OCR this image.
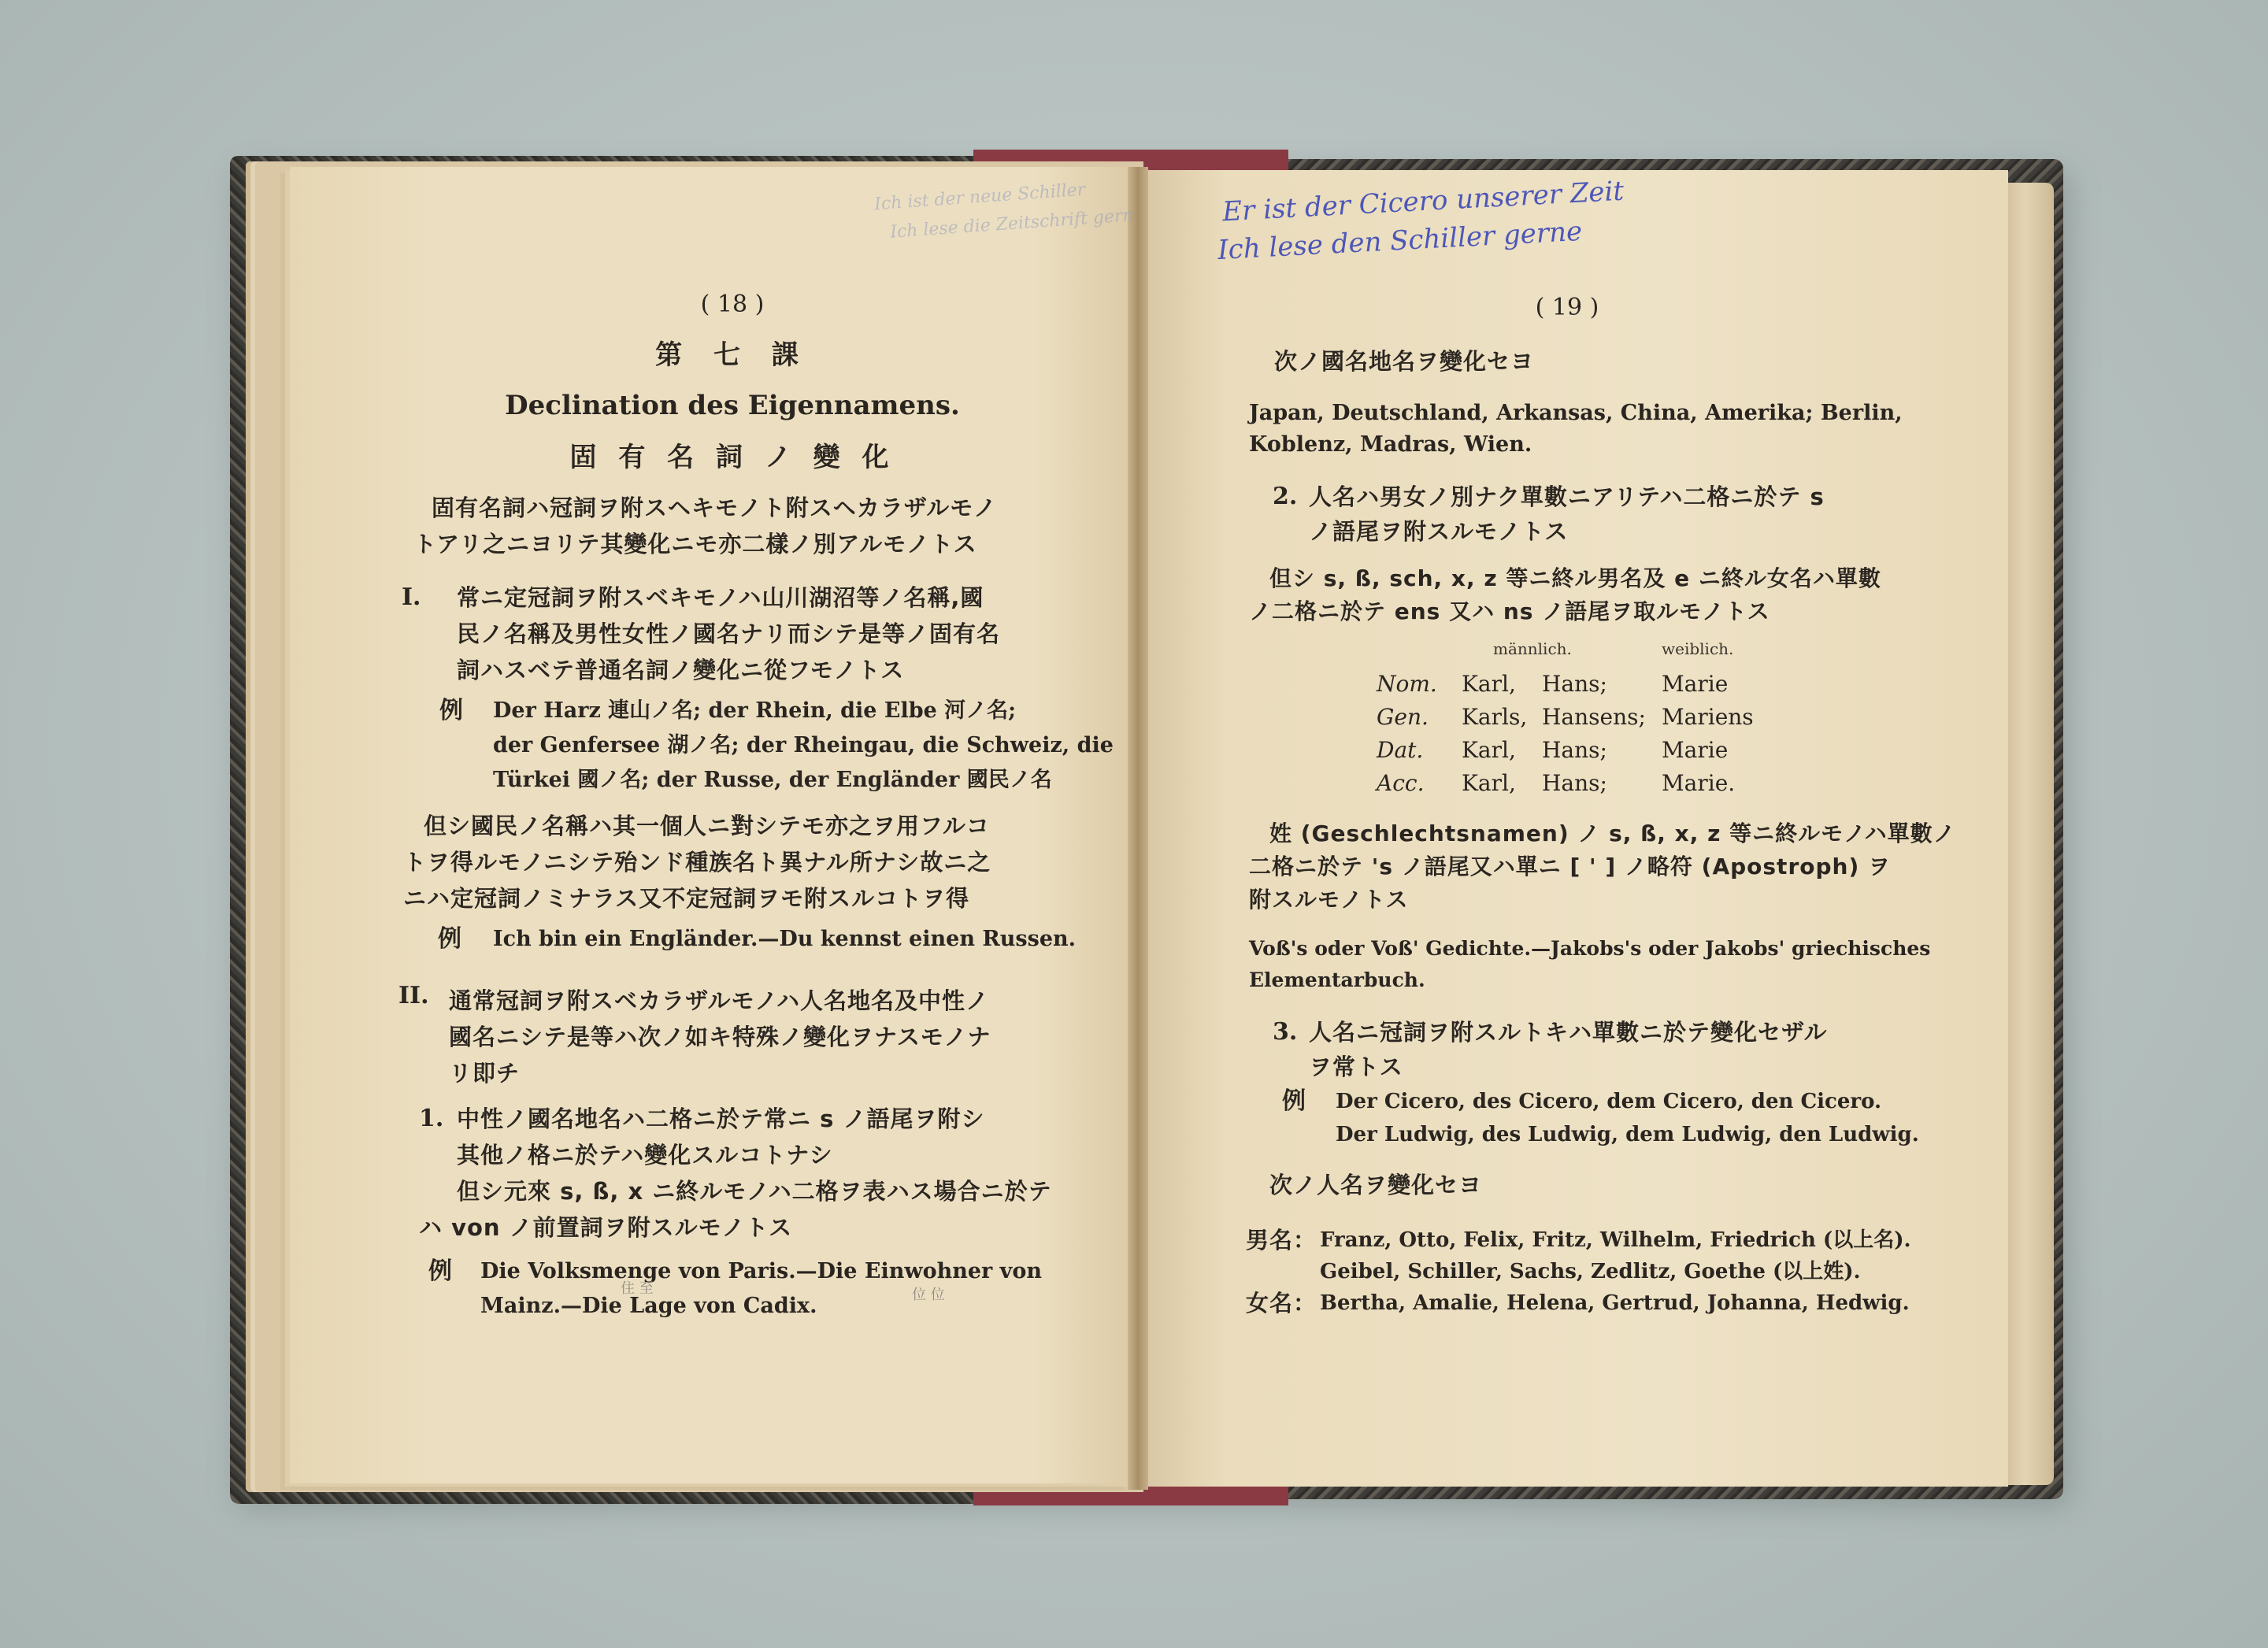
Ich ist der neue Schiller
Ich lese die Zeitschrift gern
( 18 )
第 七 課
Declination des Eigennamens.
固 有 名 詞 ノ 變 化
固有名詞ハ冠詞ヲ附スヘキモノト附スヘカラザルモノ
トアリ之ニヨリテ其變化ニモ亦二樣ノ別アルモノトス
I. 常ニ定冠詞ヲ附スベキモノハ山川湖沼等ノ名稱,國
民ノ名稱及男性女性ノ國名ナリ而シテ是等ノ固有名
詞ハスベテ普通名詞ノ變化ニ從フモノトス
例 Der Harz 連山ノ名; der Rhein, die Elbe 河ノ名;
der Genfersee 湖ノ名; der Rheingau, die Schweiz, die
Türkei 國ノ名; der Russe, der Engländer 國民ノ名
但シ國民ノ名稱ハ其一個人ニ對シテモ亦之ヲ用フルコ
トヲ得ルモノニシテ殆ンド種族名ト異ナル所ナシ故ニ之
ニハ定冠詞ノミナラス又不定冠詞ヲモ附スルコトヲ得
例 Ich bin ein Engländer.—Du kennst einen Russen.
II. 通常冠詞ヲ附スベカラザルモノハ人名地名及中性ノ
國名ニシテ是等ハ次ノ如キ特殊ノ變化ヲナスモノナ
リ即チ
1. 中性ノ國名地名ハ二格ニ於テ常ニ s ノ語尾ヲ附シ
其他ノ格ニ於テハ變化スルコトナシ
但シ元來 s, ß, x ニ終ルモノハ二格ヲ表ハス場合ニ於テ
ハ von ノ前置詞ヲ附スルモノトス
例 Die Volksmenge von Paris.—Die Einwohner von
Mainz.—Die Lage von Cadix.
住 至	位 位
Er ist der Cicero unserer Zeit
Ich lese den Schiller gerne
( 19 )
次ノ國名地名ヲ變化セヨ
Japan, Deutschland, Arkansas, China, Amerika; Berlin,
Koblenz, Madras, Wien.
2. 人名ハ男女ノ別ナク單數ニアリテハ二格ニ於テ s
ノ語尾ヲ附スルモノトス
但シ s, ß, sch, x, z 等ニ終ル男名及 e ニ終ル女名ハ單數
ノ二格ニ於テ ens 又ハ ns ノ語尾ヲ取ルモノトス
männlich.	weiblich.
Nom. Karl, Hans; Marie
Gen. Karls, Hansens; Mariens
Dat. Karl, Hans; Marie
Acc. Karl, Hans; Marie.
姓 (Geschlechtsnamen) ノ s, ß, x, z 等ニ終ルモノハ單數ノ
二格ニ於テ 's ノ語尾又ハ單ニ [ ' ] ノ略符 (Apostroph) ヲ
附スルモノトス
Voß's oder Voß' Gedichte.—Jakobs's oder Jakobs' griechisches
Elementarbuch.
3. 人名ニ冠詞ヲ附スルトキハ單數ニ於テ變化セザル
ヲ常トス
例 Der Cicero, des Cicero, dem Cicero, den Cicero.
Der Ludwig, des Ludwig, dem Ludwig, den Ludwig.
次ノ人名ヲ變化セヨ
男名： Franz, Otto, Felix, Fritz, Wilhelm, Friedrich (以上名).
Geibel, Schiller, Sachs, Zedlitz, Goethe (以上姓).
女名： Bertha, Amalie, Helena, Gertrud, Johanna, Hedwig.
